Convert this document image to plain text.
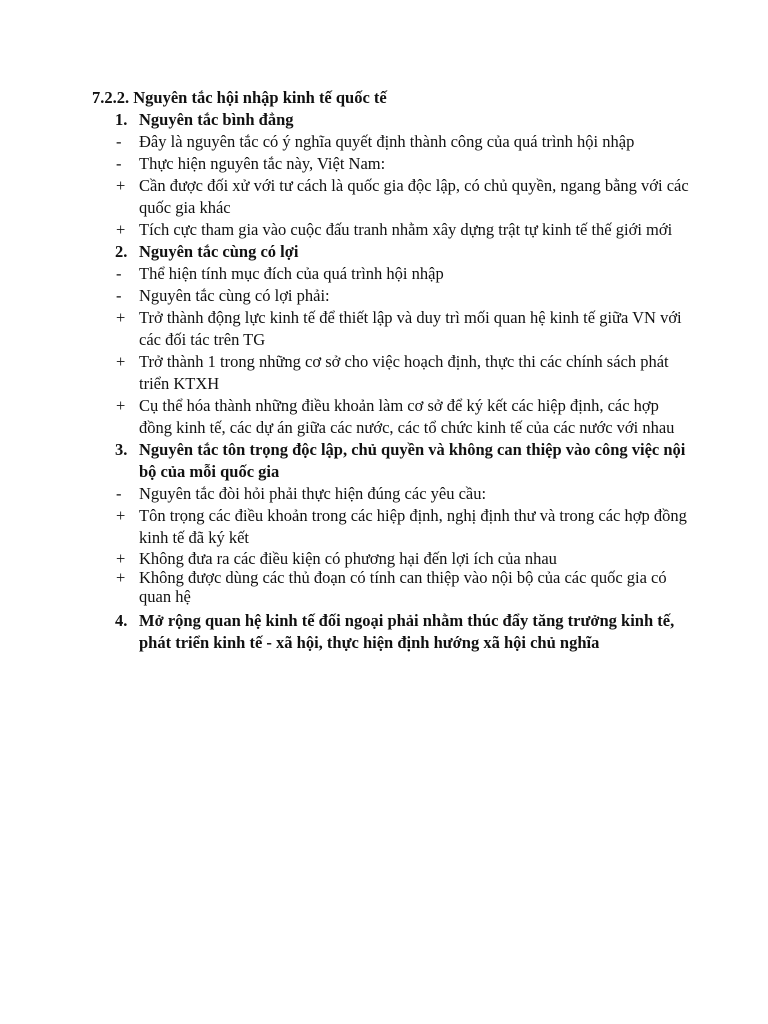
7.2.2. Nguyên tắc hội nhập kinh tế quốc tế
1. Nguyên tắc bình đẳng
-	Đây là nguyên tắc có ý nghĩa quyết định thành công của quá trình hội nhập
-	Thực hiện nguyên tắc này, Việt Nam:
+ Cần được đối xử với tư cách là quốc gia độc lập, có chủ quyền, ngang bằng với các quốc gia khác
+ Tích cực tham gia vào cuộc đấu tranh nhằm xây dựng trật tự kinh tế thế giới mới
2. Nguyên tắc cùng có lợi
-	Thể hiện tính mục đích của quá trình hội nhập
-	Nguyên tắc cùng có lợi phải:
+ Trở thành động lực kinh tế để thiết lập và duy trì mối quan hệ kinh tế giữa VN với các đối tác trên TG
+ Trở thành 1 trong những cơ sở cho việc hoạch định, thực thi các chính sách phát triển KTXH
+ Cụ thể hóa thành những điều khoản làm cơ sở để ký kết các hiệp định, các hợp đồng kinh tế, các dự án giữa các nước, các tổ chức kinh tế của các nước với nhau
3. Nguyên tắc tôn trọng độc lập, chủ quyền và không can thiệp vào công việc nội bộ của mỗi quốc gia
-	Nguyên tắc đòi hỏi phải thực hiện đúng các yêu cầu:
+ Tôn trọng các điều khoản trong các hiệp định, nghị định thư và trong các hợp đồng kinh tế đã ký kết
+ Không đưa ra các điều kiện có phương hại đến lợi ích của nhau
+ Không được dùng các thủ đoạn có tính can thiệp vào nội bộ của các quốc gia có quan hệ
4. Mở rộng quan hệ kinh tế đối ngoại phải nhằm thúc đẩy tăng trưởng kinh tế, phát triển kinh tế - xã hội, thực hiện định hướng xã hội chủ nghĩa
